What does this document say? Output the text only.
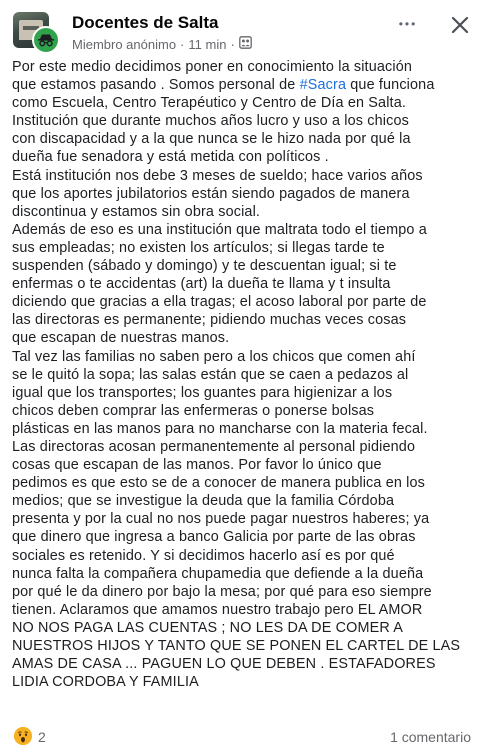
Docentes de Salta
Miembro anónimo · 11 min ·
•••
Por este medio decidimos poner en conocimiento la situación
que estamos pasando . Somos personal de #Sacra que funciona
como Escuela, Centro Terapéutico y Centro de Día en Salta.
Institución que durante muchos años lucro y uso a los chicos
con discapacidad y a la que nunca se le hizo nada por qué la
dueña fue senadora y está metida con políticos .
Está institución nos debe 3 meses de sueldo; hace varios años
que los aportes jubilatorios están siendo pagados de manera
discontinua y estamos sin obra social.
Además de eso es una institución que maltrata todo el tiempo a
sus empleadas; no existen los artículos; si llegas tarde te
suspenden (sábado y domingo) y te descuentan igual; si te
enfermas o te accidentas (art) la dueña te llama y t insulta
diciendo que gracias a ella tragas; el acoso laboral por parte de
las directoras es permanente; pidiendo muchas veces cosas
que escapan de nuestras manos.
Tal vez las familias no saben pero a los chicos que comen ahí
se le quitó la sopa; las salas están que se caen a pedazos al
igual que los transportes; los guantes para higienizar a los
chicos deben comprar las enfermeras o ponerse bolsas
plásticas en las manos para no mancharse con la materia fecal.
Las directoras acosan permanentemente al personal pidiendo
cosas que escapan de las manos. Por favor lo único que
pedimos es que esto se de a conocer de manera publica en los
medios; que se investigue la deuda que la familia Córdoba
presenta y por la cual no nos puede pagar nuestros haberes; ya
que dinero que ingresa a banco Galicia por parte de las obras
sociales es retenido. Y si decidimos hacerlo así es por qué
nunca falta la compañera chupamedia que defiende a la dueña
por qué le da dinero por bajo la mesa; por qué para eso siempre
tienen. Aclaramos que amamos nuestro trabajo pero EL AMOR
NO NOS PAGA LAS CUENTAS ; NO LES DA DE COMER A
NUESTROS HIJOS Y TANTO QUE SE PONEN EL CARTEL DE LAS
AMAS DE CASA ... PAGUEN LO QUE DEBEN . ESTAFADORES
LIDIA CORDOBA Y FAMILIA
2	1 comentario
